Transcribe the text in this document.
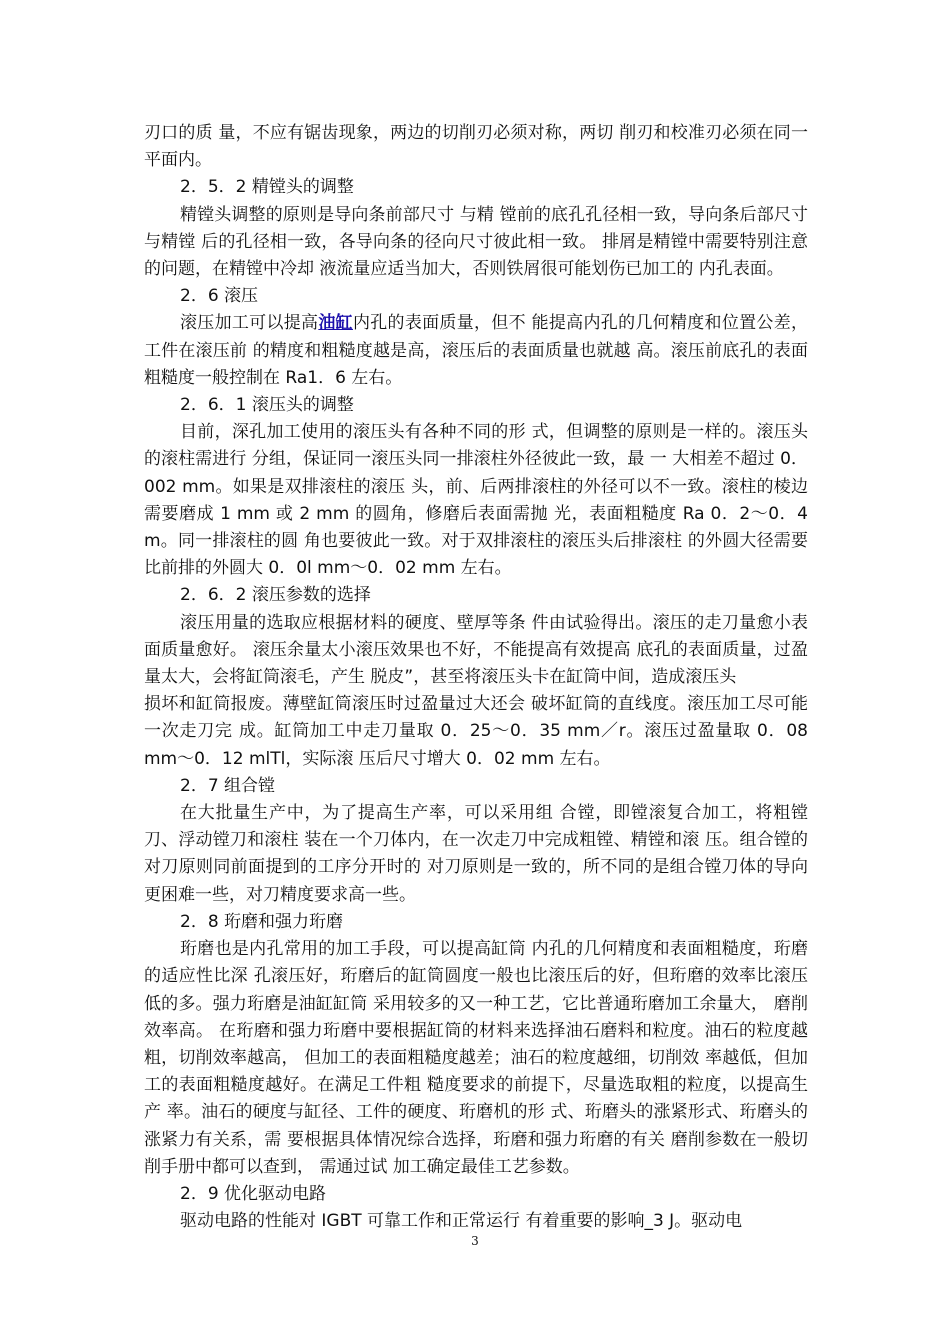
刃口的质 量，不应有锯齿现象，两边的切削刃必须对称，两切 削刃和校准刃必须在同一平面内。

2．5．2 精镗头的调整

精镗头调整的原则是导向条前部尺寸 与精 镗前的底孔孔径相一致，导向条后部尺寸 与精镗 后的孔径相一致，各导向条的径向尺寸彼此相一致。 排屑是精镗中需要特别注意的问题，在精镗中冷却 液流量应适当加大，否则铁屑很可能划伤已加工的 内孔表面。

2．6 滚压

滚压加工可以提高油缸内孔的表面质量，但不 能提高内孔的几何精度和位置公差，工件在滚压前 的精度和粗糙度越是高，滚压后的表面质量也就越 高。滚压前底孔的表面粗糙度一般控制在 Ra1．6 左右。

2．6．1 滚压头的调整

目前，深孔加工使用的滚压头有各种不同的形 式，但调整的原则是一样的。滚压头的滚柱需进行 分组，保证同一滚压头同一排滚柱外径彼此一致，最 一 大相差不超过 0．002 mm。如果是双排滚柱的滚压 头，前、后两排滚柱的外径可以不一致。滚柱的棱边 需要磨成 1 mm 或 2 mm 的圆角，修磨后表面需抛 光，表面粗糙度 Ra 0．2～0．4 m。同一排滚柱的圆 角也要彼此一致。对于双排滚柱的滚压头后排滚柱 的外圆大径需要比前排的外圆大 0．0l mm～0．02 mm 左右。

2．6．2 滚压参数的选择

滚压用量的选取应根据材料的硬度、壁厚等条 件由试验得出。滚压的走刀量愈小表面质量愈好。 滚压余量太小滚压效果也不好，不能提高有效提高 底孔的表面质量，过盈量太大，会将缸筒滚毛，产生 脱皮”，甚至将滚压头卡在缸筒中间，造成滚压头

损坏和缸筒报废。薄壁缸筒滚压时过盈量过大还会 破坏缸筒的直线度。滚压加工尽可能一次走刀完 成。缸筒加工中走刀量取 0．25～0．35 mm／r。滚压过盈量取 0．08 mm～0．12 mlTl，实际滚 压后尺寸增大 0．02 mm 左右。

2．7 组合镗

在大批量生产中，为了提高生产率，可以采用组 合镗，即镗滚复合加工，将粗镗刀、浮动镗刀和滚柱 装在一个刀体内，在一次走刀中完成粗镗、精镗和滚 压。组合镗的对刀原则同前面提到的工序分开时的 对刀原则是一致的，所不同的是组合镗刀体的导向 更困难一些，对刀精度要求高一些。

2．8 珩磨和强力珩磨

珩磨也是内孔常用的加工手段，可以提高缸筒 内孔的几何精度和表面粗糙度，珩磨的适应性比深 孔滚压好，珩磨后的缸筒圆度一般也比滚压后的好，但珩磨的效率比滚压低的多。强力珩磨是油缸缸筒 采用较多的又一种工艺，它比普通珩磨加工余量大， 磨削效率高。 在珩磨和强力珩磨中要根据缸筒的材料来选择油石磨料和粒度。油石的粒度越粗，切削效率越高， 但加工的表面粗糙度越差；油石的粒度越细，切削效 率越低，但加工的表面粗糙度越好。在满足工件粗 糙度要求的前提下，尽量选取粗的粒度，以提高生产 率。油石的硬度与缸径、工件的硬度、珩磨机的形 式、珩磨头的涨紧形式、珩磨头的涨紧力有关系，需 要根据具体情况综合选择，珩磨和强力珩磨的有关 磨削参数在一般切削手册中都可以查到， 需通过试 加工确定最佳工艺参数。

2．9 优化驱动电路

驱动电路的性能对 IGBT 可靠工作和正常运行 有着重要的影响_3 J。驱动电

3
